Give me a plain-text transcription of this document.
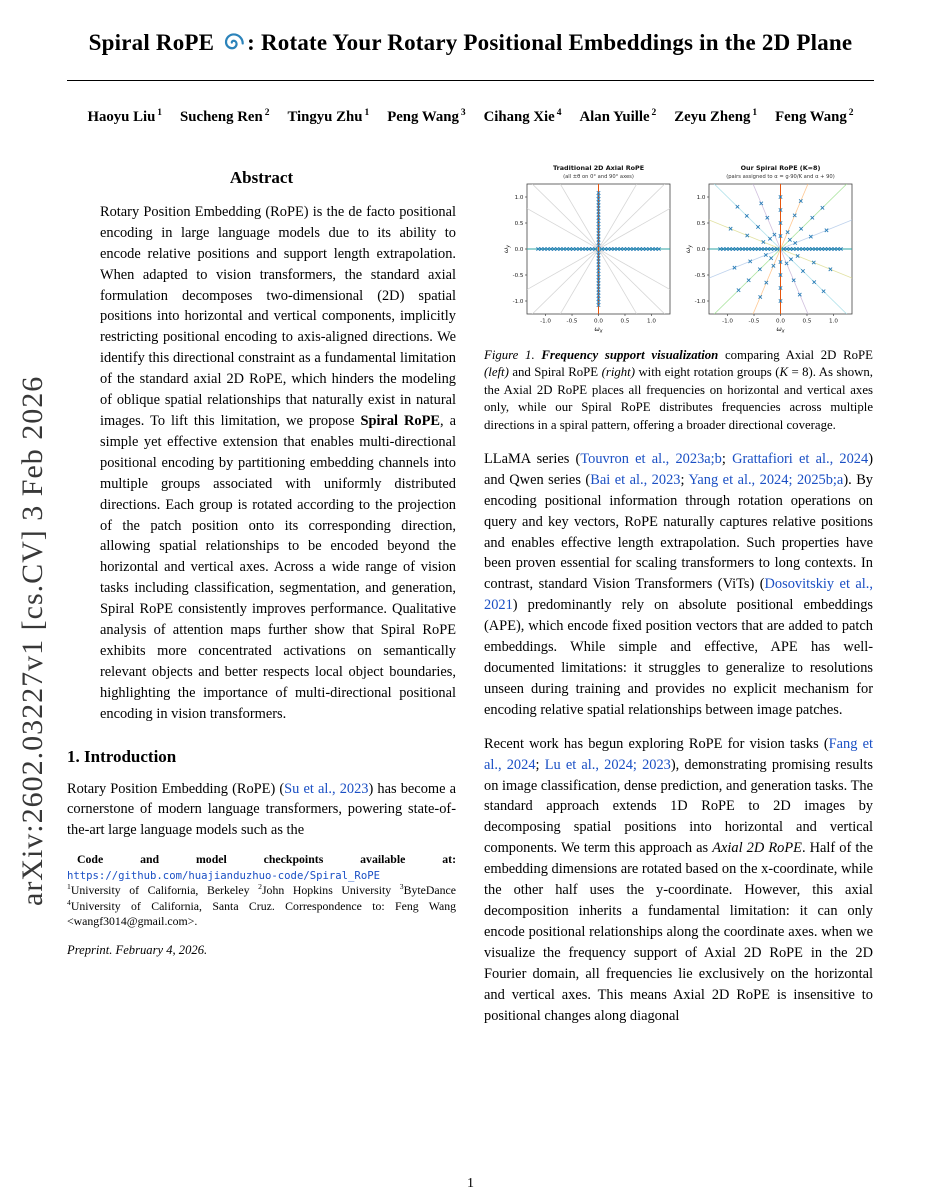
arXiv:2602.03227v1 [cs.CV] 3 Feb 2026
Spiral RoPE : Rotate Your Rotary Positional Embeddings in the 2D Plane
Haoyu Liu $^1$ Sucheng Ren $^2$ Tingyu Zhu $^1$ Peng Wang $^3$ Cihang Xie $^4$ Alan Yuille $^2$ Zeyu Zheng $^1$ Feng Wang $^2$
Abstract

Rotary Position Embedding (RoPE) is the de facto positional encoding in large language models due to its ability to encode relative positions and support length extrapolation. When adapted to vision transformers, the standard axial formulation decomposes two-dimensional (2D) spatial positions into horizontal and vertical components, implicitly restricting positional encoding to axis-aligned directions. We identify this directional constraint as a fundamental limitation of the standard axial 2D RoPE, which hinders the modeling of oblique spatial relationships that naturally exist in natural images. To lift this limitation, we propose Spiral RoPE, a simple yet effective extension that enables multi-directional positional encoding by partitioning embedding channels into multiple groups associated with uniformly distributed directions. Each group is rotated according to the projection of the patch position onto its corresponding direction, allowing spatial relationships to be encoded beyond the horizontal and vertical axes. Across a wide range of vision tasks including classification, segmentation, and generation, Spiral RoPE consistently improves performance. Qualitative analysis of attention maps further show that Spiral RoPE exhibits more concentrated activations on semantically relevant objects and better respects local object boundaries, highlighting the importance of multi-directional positional encoding in vision transformers.

1. Introduction

Rotary Position Embedding (RoPE) (Su et al., 2023) has become a cornerstone of modern language transformers, powering state-of-the-art large language models such as the

Code and model checkpoints available at: https://github.com/huajianduzhuo-code/Spiral_RoPE

$^1$University of California, Berkeley $^2$John Hopkins University $^3$ByteDance $^4$University of California, Santa Cruz. Correspondence to: Feng Wang <wangf3014@gmail.com>.

Preprint. February 4, 2026.

-1.0	-0.5	0.0	0.5	1.0
-1.0
-0.5
0.0
0.5
1.0
Traditional 2D Axial RoPE
(all ±θ on 0° and 90° axes)
$\omega_x$
$\omega_y$
-1.0	-0.5	0.0	0.5	1.0
-1.0
-0.5
0.0
0.5
1.0
Our Spiral RoPE (K=8)
(pairs assigned to α = g·90/K and α + 90)
$\omega_x$
$\omega_y$
Figure 1. Frequency support visualization comparing Axial 2D RoPE (left) and Spiral RoPE (right) with eight rotation groups (K = 8). As shown, the Axial 2D RoPE places all frequencies on horizontal and vertical axes only, while our Spiral RoPE distributes frequencies across multiple directions in a spiral pattern, offering a broader directional coverage.

LLaMA series (Touvron et al., 2023a;b; Grattafiori et al., 2024) and Qwen series (Bai et al., 2023; Yang et al., 2024; 2025b;a). By encoding positional information through rotation operations on query and key vectors, RoPE naturally captures relative positions and enables effective length extrapolation. Such properties have been proven essential for scaling transformers to long contexts. In contrast, standard Vision Transformers (ViTs) (Dosovitskiy et al., 2021) predominantly rely on absolute positional embeddings (APE), which encode fixed position vectors that are added to patch embeddings. While simple and effective, APE has well-documented limitations: it struggles to generalize to resolutions unseen during training and provides no explicit mechanism for encoding relative spatial relationships between image patches.

Recent work has begun exploring RoPE for vision tasks (Fang et al., 2024; Lu et al., 2024; 2023), demonstrating promising results on image classification, dense prediction, and generation tasks. The standard approach extends 1D RoPE to 2D images by decomposing spatial positions into horizontal and vertical components. We term this approach as Axial 2D RoPE. Half of the embedding dimensions are rotated based on the x-coordinate, while the other half uses the y-coordinate. However, this axial decomposition inherits a fundamental limitation: it can only encode positional relationships along the coordinate axes. when we visualize the frequency support of Axial 2D RoPE in the 2D Fourier domain, all frequencies lie exclusively on the horizontal and vertical axes. This means Axial 2D RoPE is insensitive to positional changes along diagonal

1
